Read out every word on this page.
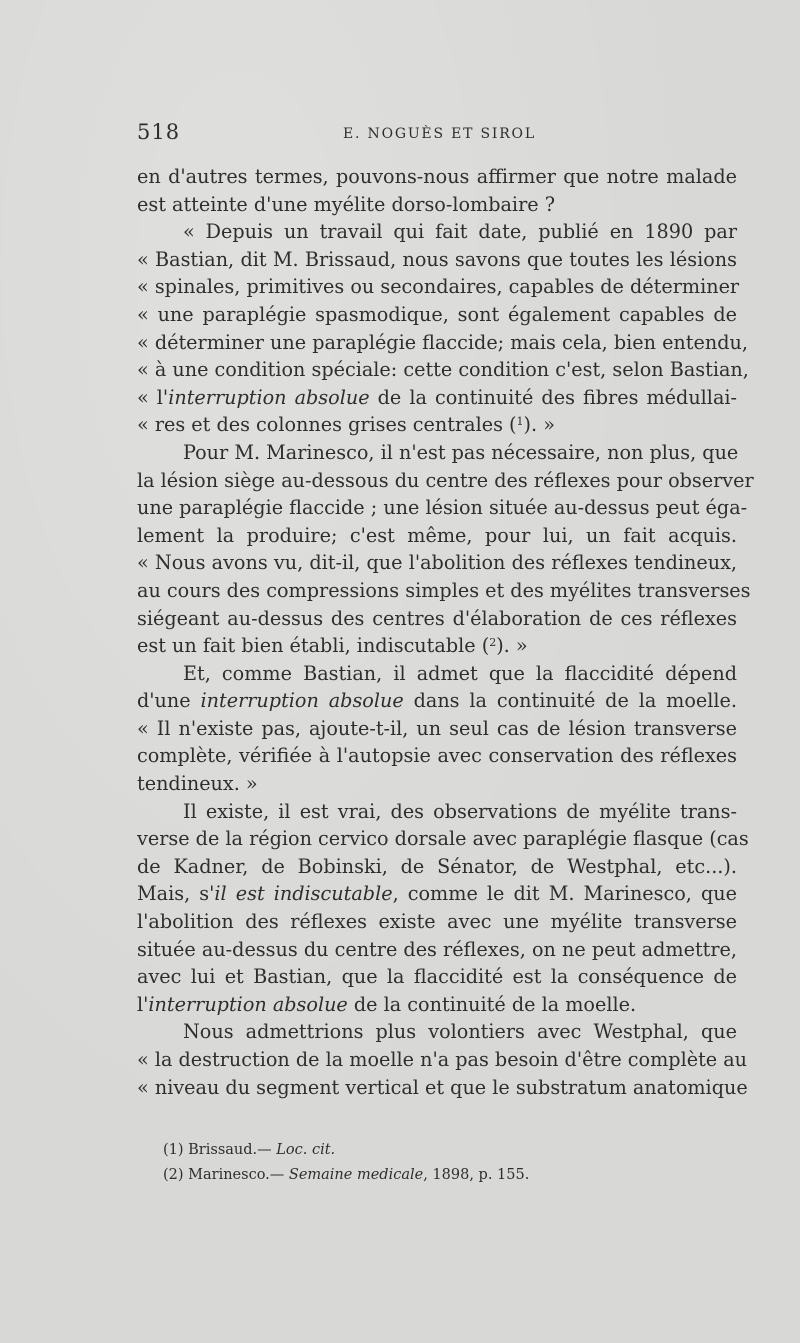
518	E. NOGUÈS ET SIROL
en d'autres termes, pouvons-nous affirmer que notre malade
est atteinte d'une myélite dorso-lombaire ?
« Depuis un travail qui fait date, publié en 1890 par
« Bastian, dit M. Brissaud, nous savons que toutes les lésions
« spinales, primitives ou secondaires, capables de déterminer
« une paraplégie spasmodique, sont également capables de
« déterminer une paraplégie flaccide; mais cela, bien entendu,
« à une condition spéciale: cette condition c'est, selon Bastian,
« l'interruption absolue de la continuité des fibres médullai-
« res et des colonnes grises centrales ($^1$). »
Pour M. Marinesco, il n'est pas nécessaire, non plus, que
la lésion siège au-dessous du centre des réflexes pour observer
une paraplégie flaccide ; une lésion située au-dessus peut éga-
lement la produire; c'est même, pour lui, un fait acquis.
« Nous avons vu, dit-il, que l'abolition des réflexes tendineux,
au cours des compressions simples et des myélites transverses
siégeant au-dessus des centres d'élaboration de ces réflexes
est un fait bien établi, indiscutable ($^2$). »
Et, comme Bastian, il admet que la flaccidité dépend
d'une interruption absolue dans la continuité de la moelle.
« Il n'existe pas, ajoute-t-il, un seul cas de lésion transverse
complète, vérifiée à l'autopsie avec conservation des réflexes
tendineux. »
Il existe, il est vrai, des observations de myélite trans-
verse de la région cervico dorsale avec paraplégie flasque (cas
de Kadner, de Bobinski, de Sénator, de Westphal, etc...).
Mais, s'il est indiscutable, comme le dit M. Marinesco, que
l'abolition des réflexes existe avec une myélite transverse
située au-dessus du centre des réflexes, on ne peut admettre,
avec lui et Bastian, que la flaccidité est la conséquence de
l'interruption absolue de la continuité de la moelle.
Nous admettrions plus volontiers avec Westphal, que
« la destruction de la moelle n'a pas besoin d'être complète au
« niveau du segment vertical et que le substratum anatomique
(1) Brissaud.— Loc. cit.
(2) Marinesco.— Semaine medicale, 1898, p. 155.
